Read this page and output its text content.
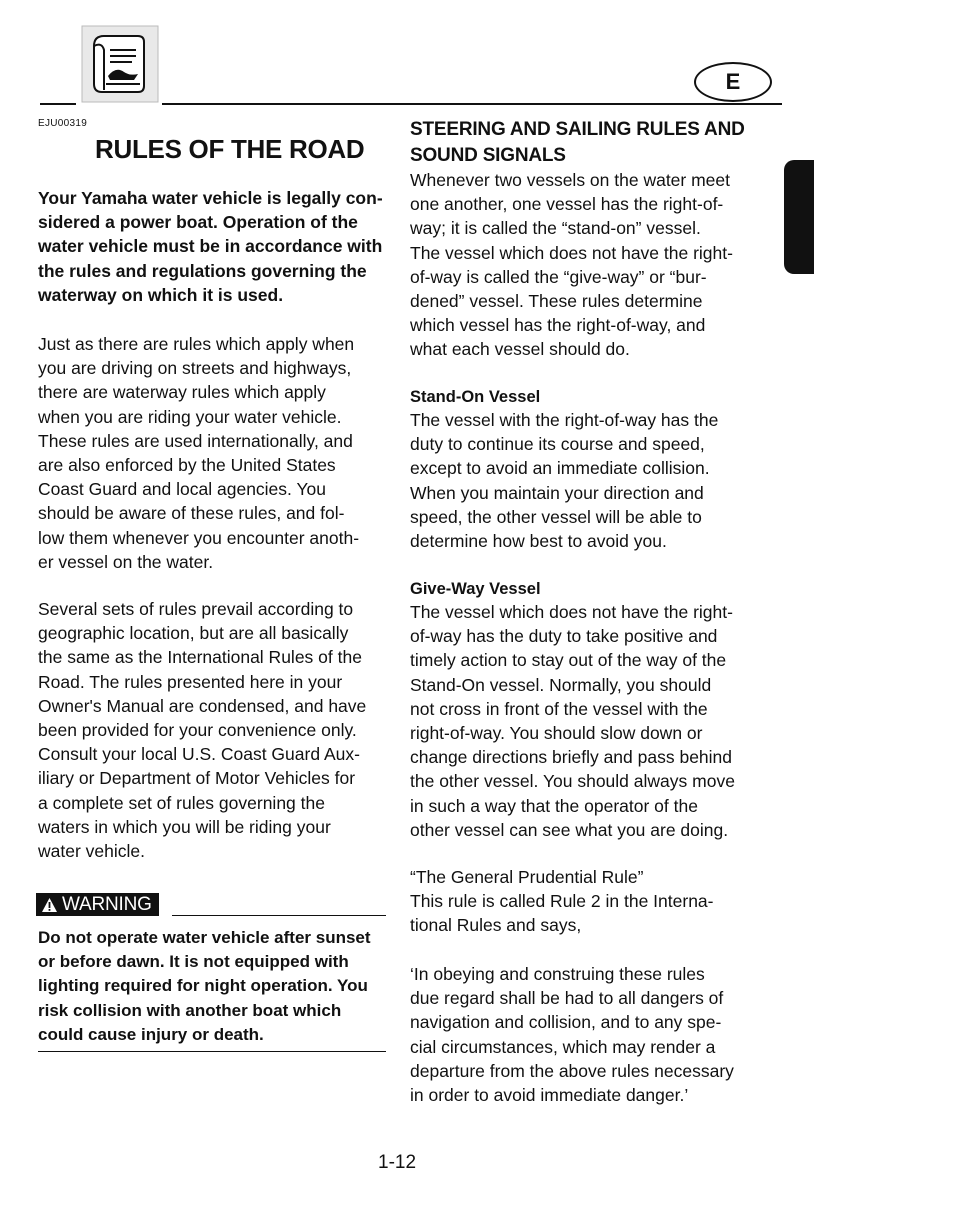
E
EJU00319
RULES OF THE ROAD

Your Yamaha water vehicle is legally con-
sidered a power boat. Operation of the
water vehicle must be in accordance with
the rules and regulations governing the
waterway on which it is used.

Just as there are rules which apply when
you are driving on streets and highways,
there are waterway rules which apply
when you are riding your water vehicle.
These rules are used internationally, and
are also enforced by the United States
Coast Guard and local agencies. You
should be aware of these rules, and fol-
low them whenever you encounter anoth-
er vessel on the water.

Several sets of rules prevail according to
geographic location, but are all basically
the same as the International Rules of the
Road. The rules presented here in your
Owner's Manual are condensed, and have
been provided for your convenience only.
Consult your local U.S. Coast Guard Aux-
iliary or Department of Motor Vehicles for
a complete set of rules governing the
waters in which you will be riding your
water vehicle.

WARNING

Do not operate water vehicle after sunset
or before dawn. It is not equipped with
lighting required for night operation. You
risk collision with another boat which
could cause injury or death.

STEERING AND SAILING RULES AND
SOUND SIGNALS

Whenever two vessels on the water meet
one another, one vessel has the right-of-
way; it is called the “stand-on” vessel.
The vessel which does not have the right-
of-way is called the “give-way” or “bur-
dened” vessel. These rules determine
which vessel has the right-of-way, and
what each vessel should do.

Stand-On Vessel

The vessel with the right-of-way has the
duty to continue its course and speed,
except to avoid an immediate collision.
When you maintain your direction and
speed, the other vessel will be able to
determine how best to avoid you.

Give-Way Vessel

The vessel which does not have the right-
of-way has the duty to take positive and
timely action to stay out of the way of the
Stand-On vessel. Normally, you should
not cross in front of the vessel with the
right-of-way. You should slow down or
change directions briefly and pass behind
the other vessel. You should always move
in such a way that the operator of the
other vessel can see what you are doing.

“The General Prudential Rule”

This rule is called Rule 2 in the Interna-
tional Rules and says,

‘In obeying and construing these rules
due regard shall be had to all dangers of
navigation and collision, and to any spe-
cial circumstances, which may render a
departure from the above rules necessary
in order to avoid immediate danger.’

1-12
